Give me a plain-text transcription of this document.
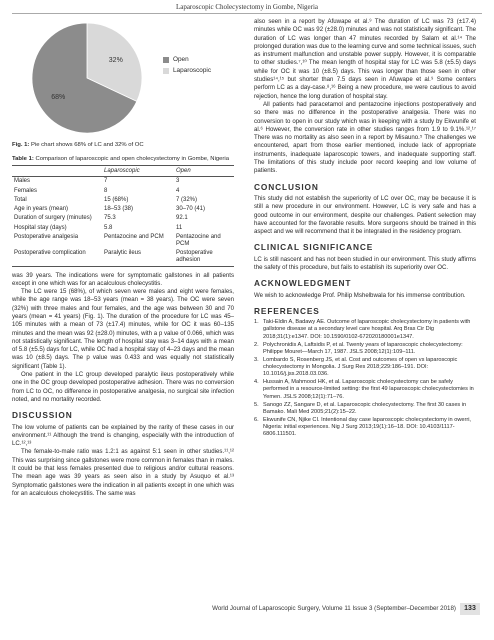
Laparoscopic Cholecystectomy in Gombe, Nigeria
32%
68%
Open
Laparoscopic
Fig. 1: Pie chart shows 68% of LC and 32% of OC
Table 1: Comparison of laparoscopic and open cholecystectomy in Gombe, Nigeria
	Laparoscopic	Open
Males	7	3
Females	8	4
Total	15 (68%)	7 (32%)
Age in years (mean)	18–53 (38)	30–70 (41)
Duration of surgery (minutes)	75.3	92.1
Hospital stay (days)	5.8	11
Postoperative analgesia	Pentazocine and PCM	Pentazocine and PCM
Postoperative complication	Paralytic ileus	Postoperative adhesion

was 39 years. The indications were for symptomatic gallstones in all patients except in one which was for an acalculous cholecystitis.

The LC were 15 (68%), of which seven were males and eight were females, while the age range was 18–53 years (mean = 38 years). The OC were seven (32%) with three males and four females, and the age was between 30 and 70 years (mean = 41 years) (Fig. 1). The duration of the procedure for LC was 45–105 minutes with a mean of 73 (±17.4) minutes, while for OC it was 60–135 minutes and the mean was 92 (±28.0) minutes, with a p value of 0.066, which was not statistically significant. The length of hospital stay was 3–14 days with a mean of 5.8 (±5.5) days for LC, while OC had a hospital stay of 4–23 days and the mean was 10 (±8.5) days. The p value was 0.433 and was equally not statistically significant (Table 1).

One patient in the LC group developed paralytic ileus postoperatively while one in the OC group developed postoperative adhesion. There was no conversion from LC to OC, no difference in postoperative analgesia, no surgical site infection noted, and no mortality recorded.

DISCUSSION

The low volume of patients can be explained by the rarity of these cases in our environment.¹¹ Although the trend is changing, especially with the introduction of LC.¹²,¹³

The female-to-male ratio was 1.2:1 as against 5:1 seen in other studies.¹¹,¹² This was surprising since gallstones were more common in females than in males. It could be that less females presented due to religious and/or cultural reasons. The mean age was 39 years as seen also in a study by Asuquo et al.¹³ Symptomatic gallstones were the indication in all patients except in one which was for an acalculous cholecystitis. The same was

also seen in a report by Afuwape et al.⁹ The duration of LC was 73 (±17.4) minutes while OC was 92 (±28.0) minutes and was not statistically significant. The duration of LC was longer than 47 minutes recorded by Salam et al.¹⁴ The prolonged duration was due to the learning curve and some technical issues, such as instrument malfunction and unstable power supply. However, it is comparable to other studies.⁷,¹⁰ The mean length of hospital stay for LC was 5.8 (±5.5) days while for OC it was 10 (±8.5) days. This was longer than those seen in other studies¹⁴,¹⁵ but shorter than 7.5 days seen in Afuwape et al.⁹ Some centers perform LC as a day-case.⁸,¹⁶ Being a new procedure, we were cautious to avoid rejection, hence the long duration of hospital stay.

All patients had paracetamol and pentazocine injections postoperatively and so there was no difference in the postoperative analgesia. There was no conversion to open in our study which was in keeping with a study by Ekwunife et al.⁶ However, the conversion rate in other studies ranges from 1.9 to 9.1%.¹²,¹⁷ There was no mortality as also seen in a report by Misauno.⁵ The challenges we encountered, apart from those earlier mentioned, include lack of appropriate instruments, inadequate laparoscopic towers, and inadequate supporting staff. The limitations of this study include poor record keeping and low volume of patients.

CONCLUSION

This study did not establish the superiority of LC over OC, may be because it is still a new procedure in our environment. However, LC is very safe and has a good outcome in our environment, despite our challenges. Patient selection may have accounted for the favorable results. More surgeons should be trained in this aspect and we will recommend that it be integrated in the residency program.

CLINICAL SIGNIFICANCE

LC is still nascent and has not been studied in our environment. This study affirms the safety of this procedure, but fails to establish its superiority over OC.

ACKNOWLEDGMENT

We wish to acknowledge Prof. Philip Mshelbwala for his immense contribution.

REFERENCES
1. Taki-Eldin A, Badawy AE. Outcome of laparoscopic cholecystectomy in patients with gallstone disease at a secondary level care hospital. Arq Bras Cir Dig 2018;31(1):e1347. DOI: 10.1590/0102-672020180001e1347.
2. Polychronidis A, Laftsidis P, et al. Twenty years of laparoscopic cholecystectomy: Philippe Mouret—March 17, 1987. JSLS 2008;12(1):109–111.
3. Lombardo S, Rosenberg JS, et al. Cost and outcomes of open vs laparoscopic cholecystectomy in Mongolia. J Surg Res 2018;229:186–191. DOI: 10.1016/j.jss.2018.03.036.
4. Hussain A, Mahmood HK, et al. Laparoscopic cholecystectomy can be safely performed in a resource-limited setting: the first 49 laparoscopic cholecystectomies in Yemen. JSLS 2008;12(1):71–76.
5. Sanogo ZZ, Sangare D, et al. Laparoscopic cholecystectomy. The first 30 cases in Bamako. Mali Med 2005;21(2):15–22.
6. Ekwunife CN, Njike CI. Intentional day case laparoscopic cholecystectomy in owerri, Nigeria: initial experiences. Nig J Surg 2013;19(1):16–18. DOI: 10.4103/1117-6806.111501.
World Journal of Laparoscopic Surgery, Volume 11 Issue 3 (September–December 2018)	133
